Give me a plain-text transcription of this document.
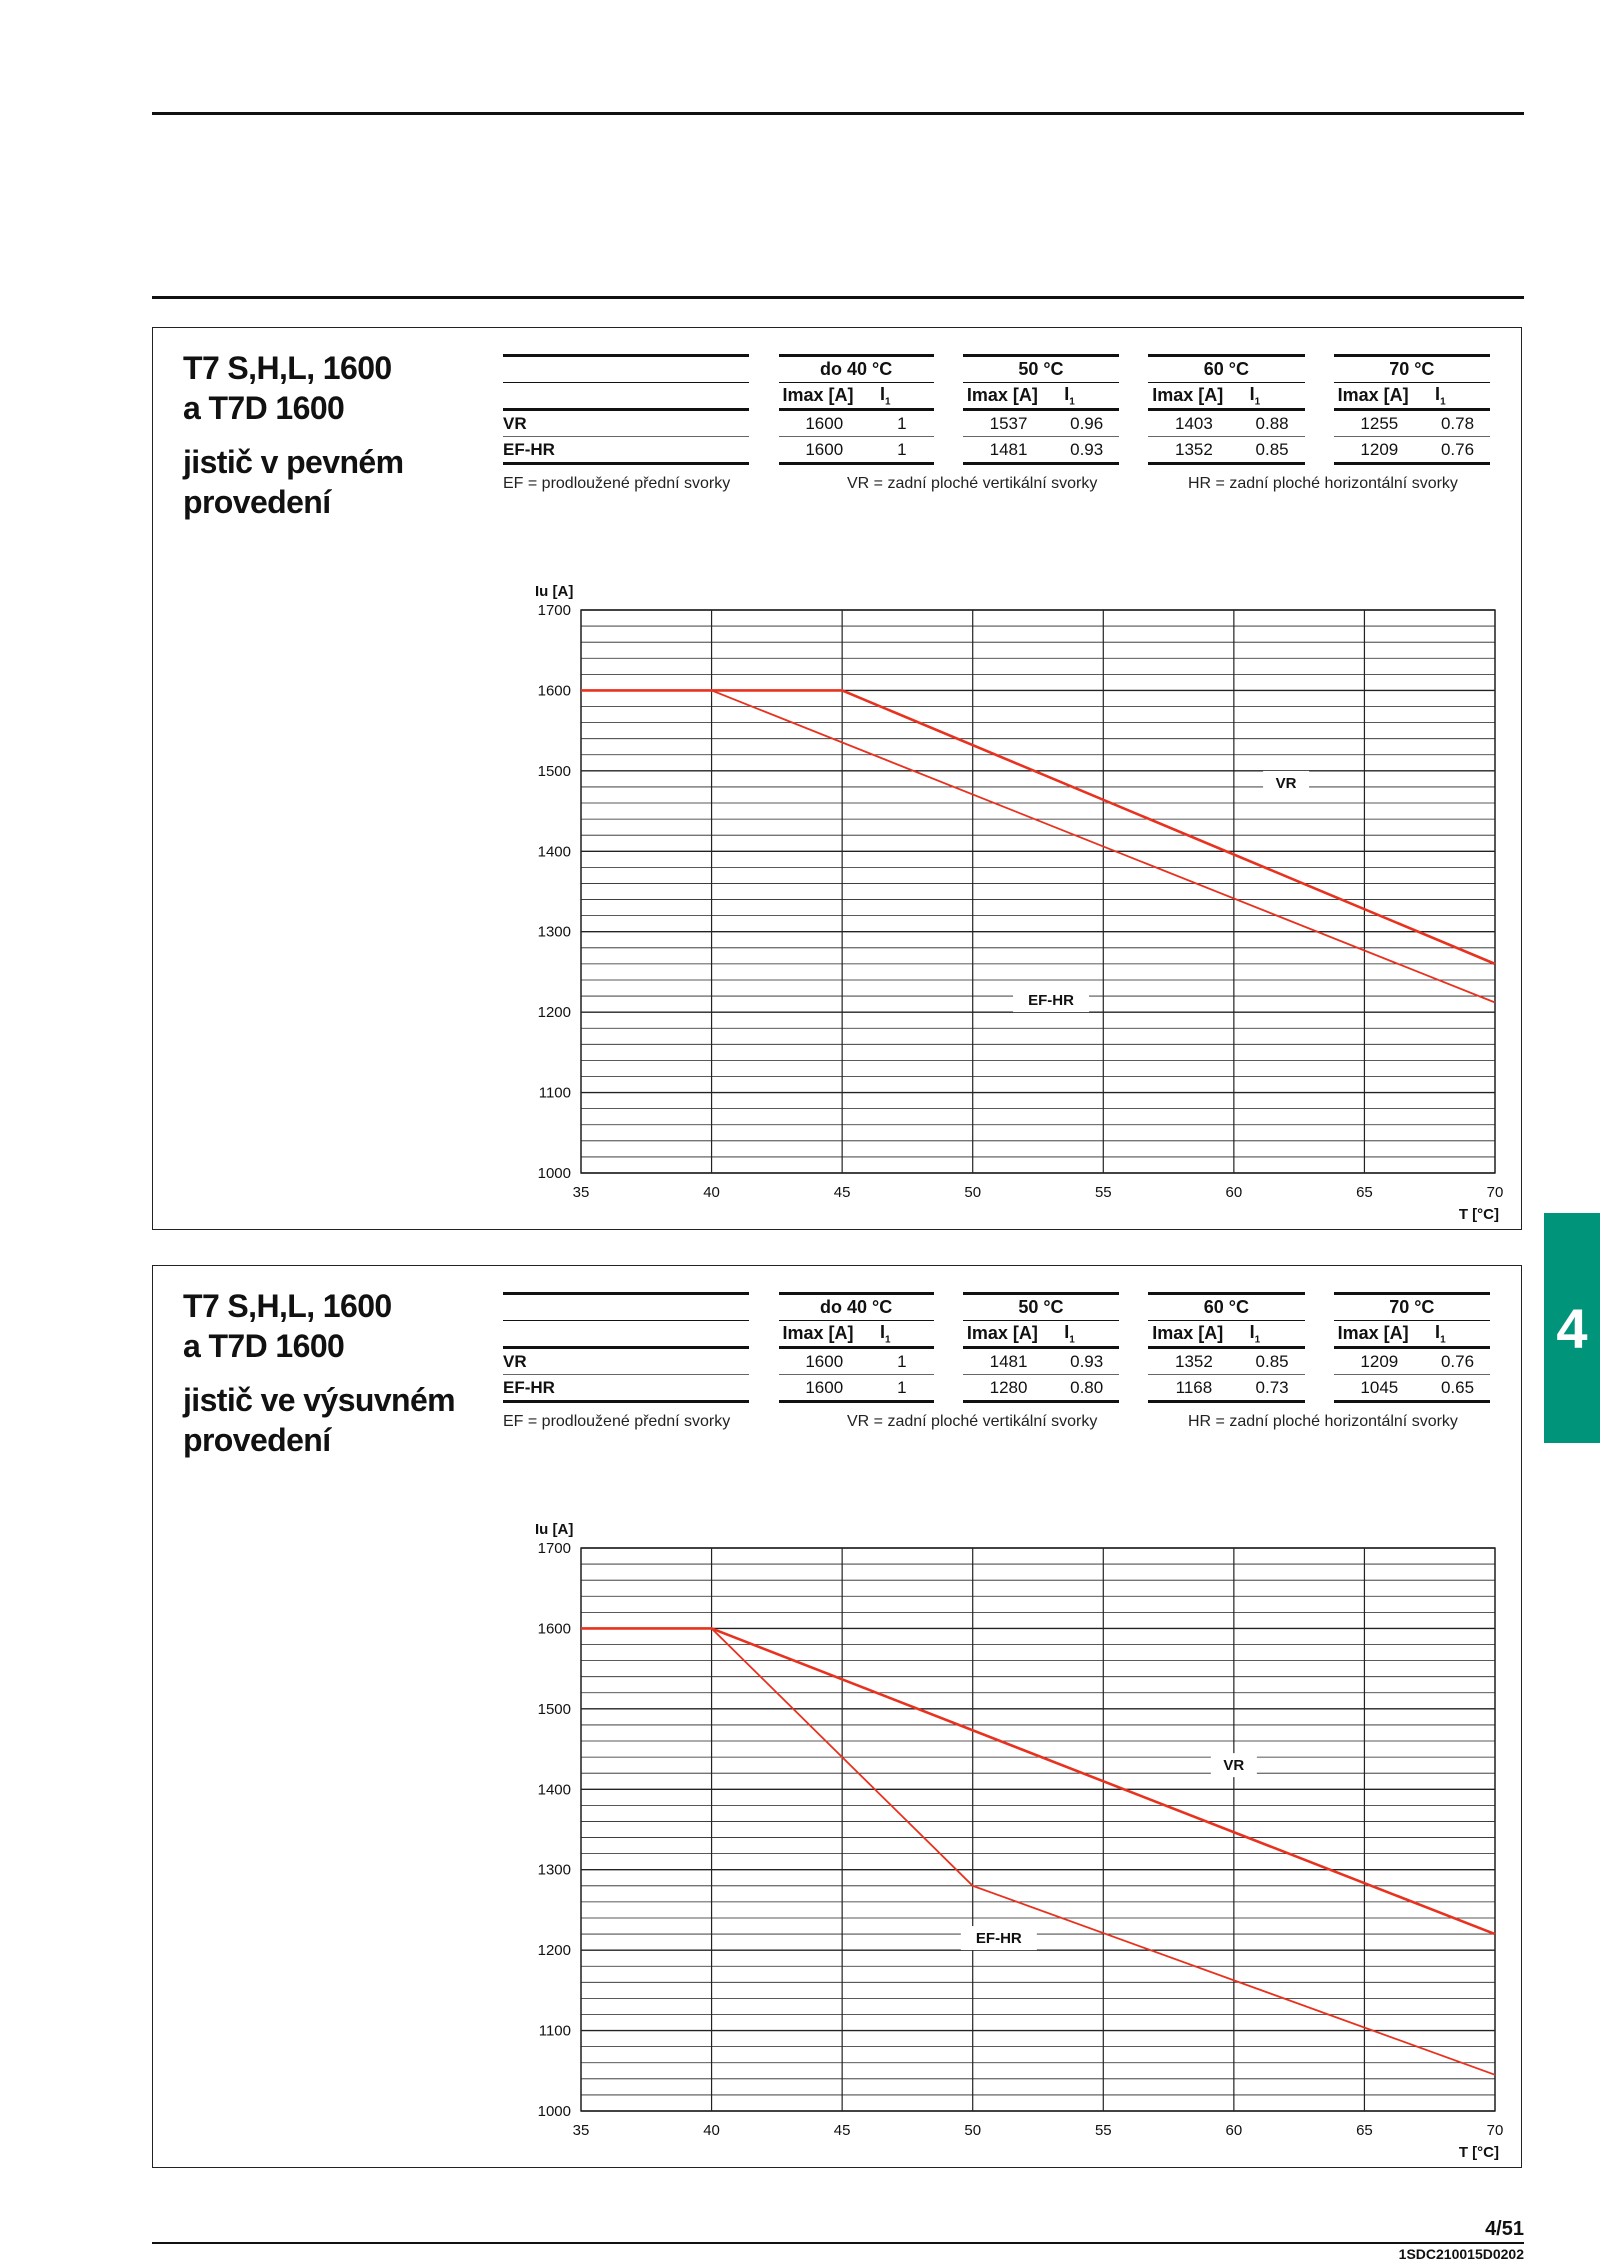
4
T7 S,H,L, 1600
a T7D 1600
jistič v pevném
provedení
		do 40 °C			50 °C			60 °C			70 °C	
		Imax [A]	$I_1$		Imax [A]	$I_1$		Imax [A]	$I_1$		Imax [A]	$I_1$
VR		1600	1		1537	0.96		1403	0.88		1255	0.78
EF-HR		1600	1		1481	0.93		1352	0.85		1209	0.76
EF = prodloužené přední svorky	VR = zadní ploché vertikální svorky	HR = zadní ploché horizontální svorky
1000
1100
1200
1300
1400
1500
1600
1700
35	40	45	50	55	60	65	70
Iu [A]
T [°C]
VR
EF-HR
T7 S,H,L, 1600
a T7D 1600
jistič ve výsuvném
provedení
		do 40 °C			50 °C			60 °C			70 °C	
		Imax [A]	$I_1$		Imax [A]	$I_1$		Imax [A]	$I_1$		Imax [A]	$I_1$
VR		1600	1		1481	0.93		1352	0.85		1209	0.76
EF-HR		1600	1		1280	0.80		1168	0.73		1045	0.65
EF = prodloužené přední svorky	VR = zadní ploché vertikální svorky	HR = zadní ploché horizontální svorky
1000
1100
1200
1300
1400
1500
1600
1700
35	40	45	50	55	60	65	70
Iu [A]
T [°C]
VR
EF-HR
4/51
1SDC210015D0202
